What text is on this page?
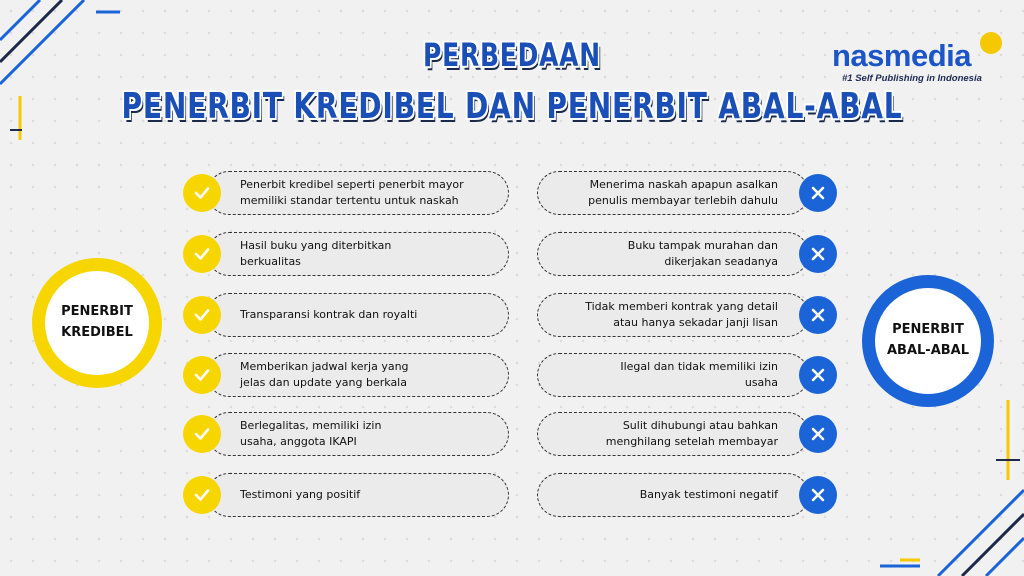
PERBEDAAN
PENERBIT KREDIBEL DAN PENERBIT ABAL-ABAL
nasmedia
#1 Self Publishing in Indonesia
PENERBIT
KREDIBEL	PENERBIT
ABAL-ABAL
Penerbit kredibel seperti penerbit mayor
memiliki standar tertentu untuk naskah
Hasil buku yang diterbitkan
berkualitas
Transparansi kontrak dan royalti
Memberikan jadwal kerja yang
jelas dan update yang berkala
Berlegalitas, memiliki izin
usaha, anggota IKAPI
Testimoni yang positif
Menerima naskah apapun asalkan
penulis membayar terlebih dahulu
Buku tampak murahan dan
dikerjakan seadanya
Tidak memberi kontrak yang detail
atau hanya sekadar janji lisan
Ilegal dan tidak memiliki izin
usaha
Sulit dihubungi atau bahkan
menghilang setelah membayar
Banyak testimoni negatif
